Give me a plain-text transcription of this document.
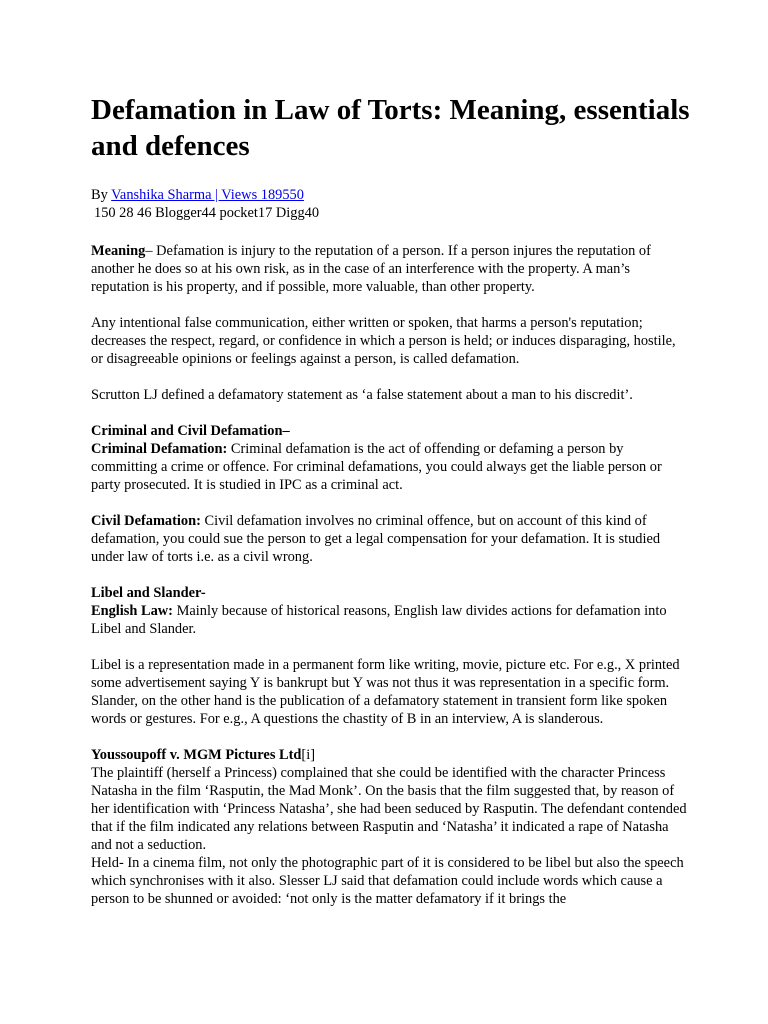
Defamation in Law of Torts: Meaning, essentials and defences
By Vanshika Sharma | Views 189550
150 28 46 Blogger44 pocket17 Digg40

Meaning– Defamation is injury to the reputation of a person. If a person injures the reputation of another he does so at his own risk, as in the case of an interference with the property. A man’s reputation is his property, and if possible, more valuable, than other property.

Any intentional false communication, either written or spoken, that harms a person's reputation; decreases the respect, regard, or confidence in which a person is held; or induces disparaging, hostile, or disagreeable opinions or feelings against a person, is called defamation.

Scrutton LJ defined a defamatory statement as ‘a false statement about a man to his discredit’.

Criminal and Civil Defamation–

Criminal Defamation: Criminal defamation is the act of offending or defaming a person by committing a crime or offence. For criminal defamations, you could always get the liable person or party prosecuted. It is studied in IPC as a criminal act.

Civil Defamation: Civil defamation involves no criminal offence, but on account of this kind of defamation, you could sue the person to get a legal compensation for your defamation. It is studied under law of torts i.e. as a civil wrong.

Libel and Slander-

English Law: Mainly because of historical reasons, English law divides actions for defamation into Libel and Slander.

Libel is a representation made in a permanent form like writing, movie, picture etc. For e.g., X printed some advertisement saying Y is bankrupt but Y was not thus it was representation in a specific form.

Slander, on the other hand is the publication of a defamatory statement in transient form like spoken words or gestures. For e.g., A questions the chastity of B in an interview, A is slanderous.

Youssoupoff v. MGM Pictures Ltd[i]

The plaintiff (herself a Princess) complained that she could be identified with the character Princess Natasha in the film ‘Rasputin, the Mad Monk’. On the basis that the film suggested that, by reason of her identification with ‘Princess Natasha’, she had been seduced by Rasputin. The defendant contended that if the film indicated any relations between Rasputin and ‘Natasha’ it indicated a rape of Natasha and not a seduction.

Held- In a cinema film, not only the photographic part of it is considered to be libel but also the speech which synchronises with it also. Slesser LJ said that defamation could include words which cause a person to be shunned or avoided: ‘not only is the matter defamatory if it brings the
